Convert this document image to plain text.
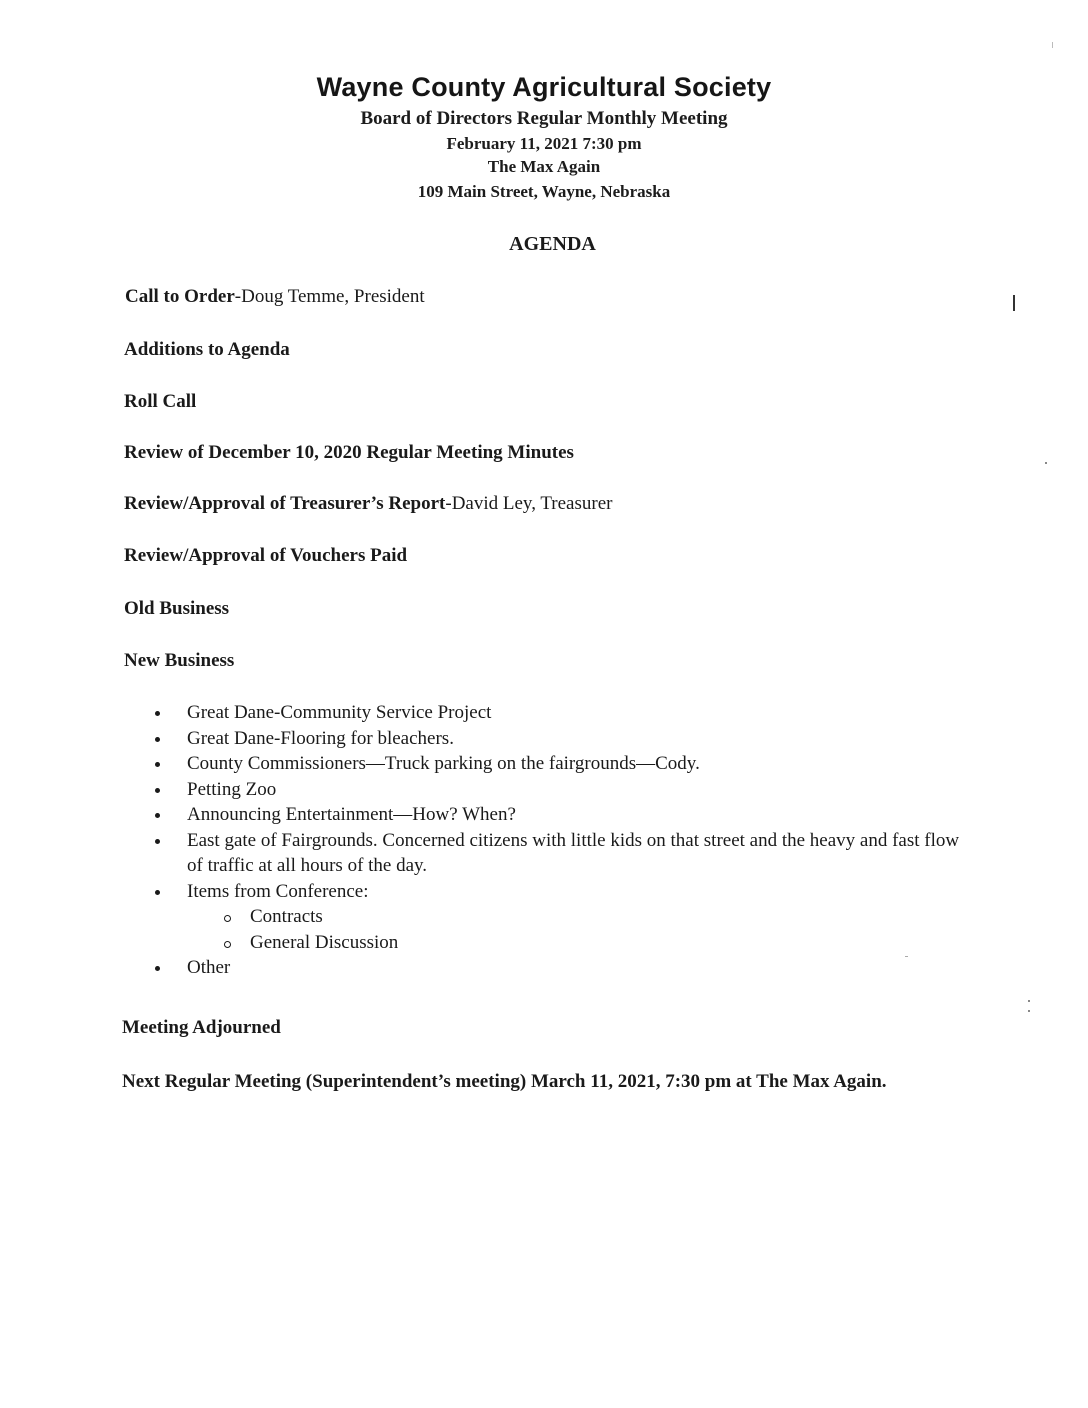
Wayne County Agricultural Society
Board of Directors Regular Monthly Meeting
February 11, 2021 7:30 pm
The Max Again
109 Main Street, Wayne, Nebraska
AGENDA
Call to Order-Doug Temme, President
Additions to Agenda
Roll Call
Review of December 10, 2020 Regular Meeting Minutes
Review/Approval of Treasurer’s Report-David Ley, Treasurer
Review/Approval of Vouchers Paid
Old Business
New Business
Great Dane-Community Service Project
Great Dane-Flooring for bleachers.
County Commissioners—Truck parking on the fairgrounds—Cody.
Petting Zoo
Announcing Entertainment—How? When?
East gate of Fairgrounds. Concerned citizens with little kids on that street and the heavy and fast flow of traffic at all hours of the day.
Items from Conference:
Contracts
General Discussion
Other
Meeting Adjourned
Next Regular Meeting (Superintendent’s meeting) March 11, 2021, 7:30 pm at The Max Again.
